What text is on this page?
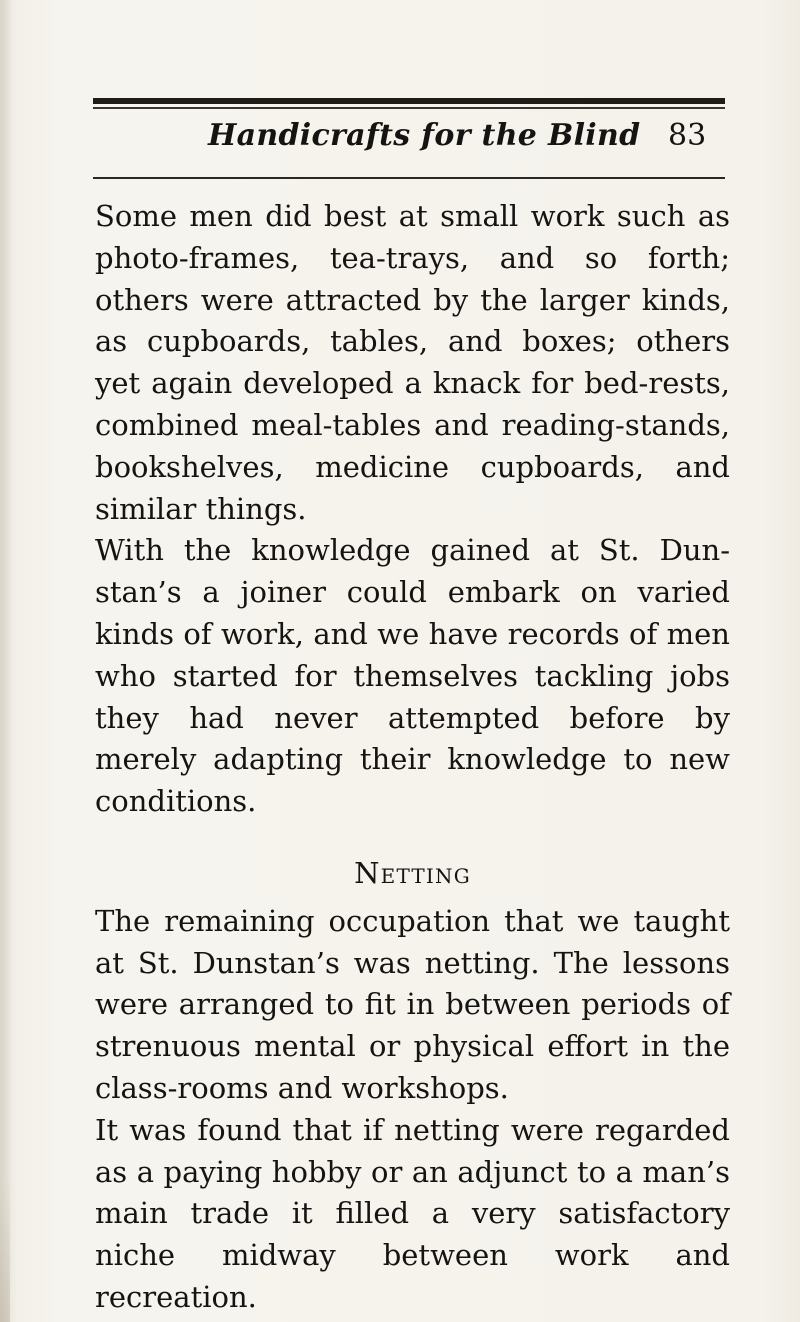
Handicrafts for the Blind 83

Some men did best at small work such as photo-frames, tea-trays, and so forth; others were attracted by the larger kinds, as cupboards, tables, and boxes; others yet again developed a knack for bed-rests, combined meal-tables and reading-stands, bookshelves, medicine cupboards, and similar things.

With the knowledge gained at St. Dunstan’s a joiner could embark on varied kinds of work, and we have records of men who started for themselves tackling jobs they had never attempted before by merely adapting their knowledge to new conditions.

Netting

The remaining occupation that we taught at St. Dunstan’s was netting. The lessons were arranged to fit in between periods of strenuous mental or physical effort in the class-rooms and workshops.

It was found that if netting were regarded as a paying hobby or an adjunct to a man’s main trade it filled a very satisfactory niche midway between work and recreation.
